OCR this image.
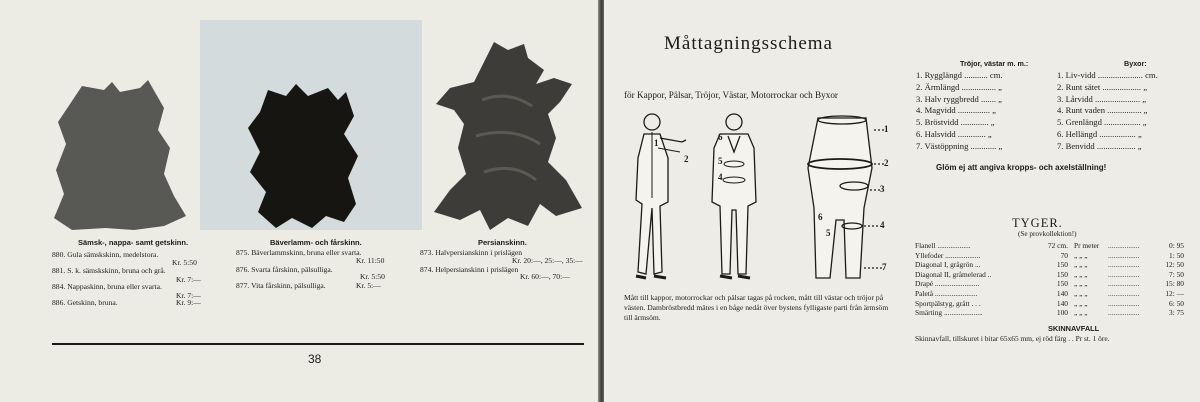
Sämsk-, nappa- samt getskinn.
880. Gula sämskskinn, medelstora.
Kr. 5:50
881. S. k. sämskskinn, bruna och grå.
Kr. 7:—
884. Nappaskinn, bruna eller svarta.
Kr. 7:—
886. Getskinn, bruna.	Kr. 9:—
Bäverlamm- och fårskinn.
875. Bäverlammskinn, bruna eller svarta.
Kr. 11:50
876. Svarta fårskinn, pälsulliga.
Kr. 5:50
877. Vita fårskinn, pälsulliga.	Kr. 5:—
Persianskinn.
873. Halvpersianskinn i prislägen
Kr. 20:—, 25:—, 35:—
874. Helpersianskinn i prislägen
Kr. 60:—, 70:—
38
Måttagningsschema
för Kappor, Pälsar, Tröjor, Västar, Motorrockar och Byxor
1
2
4
5
6
1
2
3
4
5
6
7
Mått till kappor, motorrockar och pälsar tagas på rocken, mått till västar och tröjor på västen. Dambröstbredd mätes i en båge nedåt över bystens fylligaste parti från ärmsöm till ärmsöm.
Tröjor, västar m. m.:
1. Rygglängd ........... cm.
2. Ärmlängd ................ „
3. Halv ryggbredd ....... „
4. Magvidd ............... „
5. Bröstvidd ............. „
6. Halsvidd ............. „
7. Västöppning ............ „
Byxor:
1. Liv-vidd ..................... cm.
2. Runt sätet .................. „
3. Lårvidd ..................... „
4. Runt vaden ................ „
5. Grenlängd ................. „
6. Hellängd ................. „
7. Benvidd .................. „
Glöm ej att angiva kropps- och axelställning!
TYGER.
(Se provkollektion!)
Flanell ..................
Yllefoder ...................
Diagonal I, grågrön ...
Diagonal II, gråmelerad ..
Drapé ........................
Paletå .......................
Sportpälstyg, grått . . .
Smärting .....................
72 cm.
70
150
150
150
140
140
100
Pr meter
„ „ „
„ „ „
„ „ „
„ „ „
„ „ „
„ „ „
„ „ „
.................
.................
.................
.................
.................
.................
.................
.................
0: 95
1: 50
12: 50
7: 50
15: 80
12: —
6: 50
3: 75
SKINNAVFALL
Skinnavfall, tillskuret i bitar 65x65 mm, ej röd färg . . Pr st. 1 öre.
